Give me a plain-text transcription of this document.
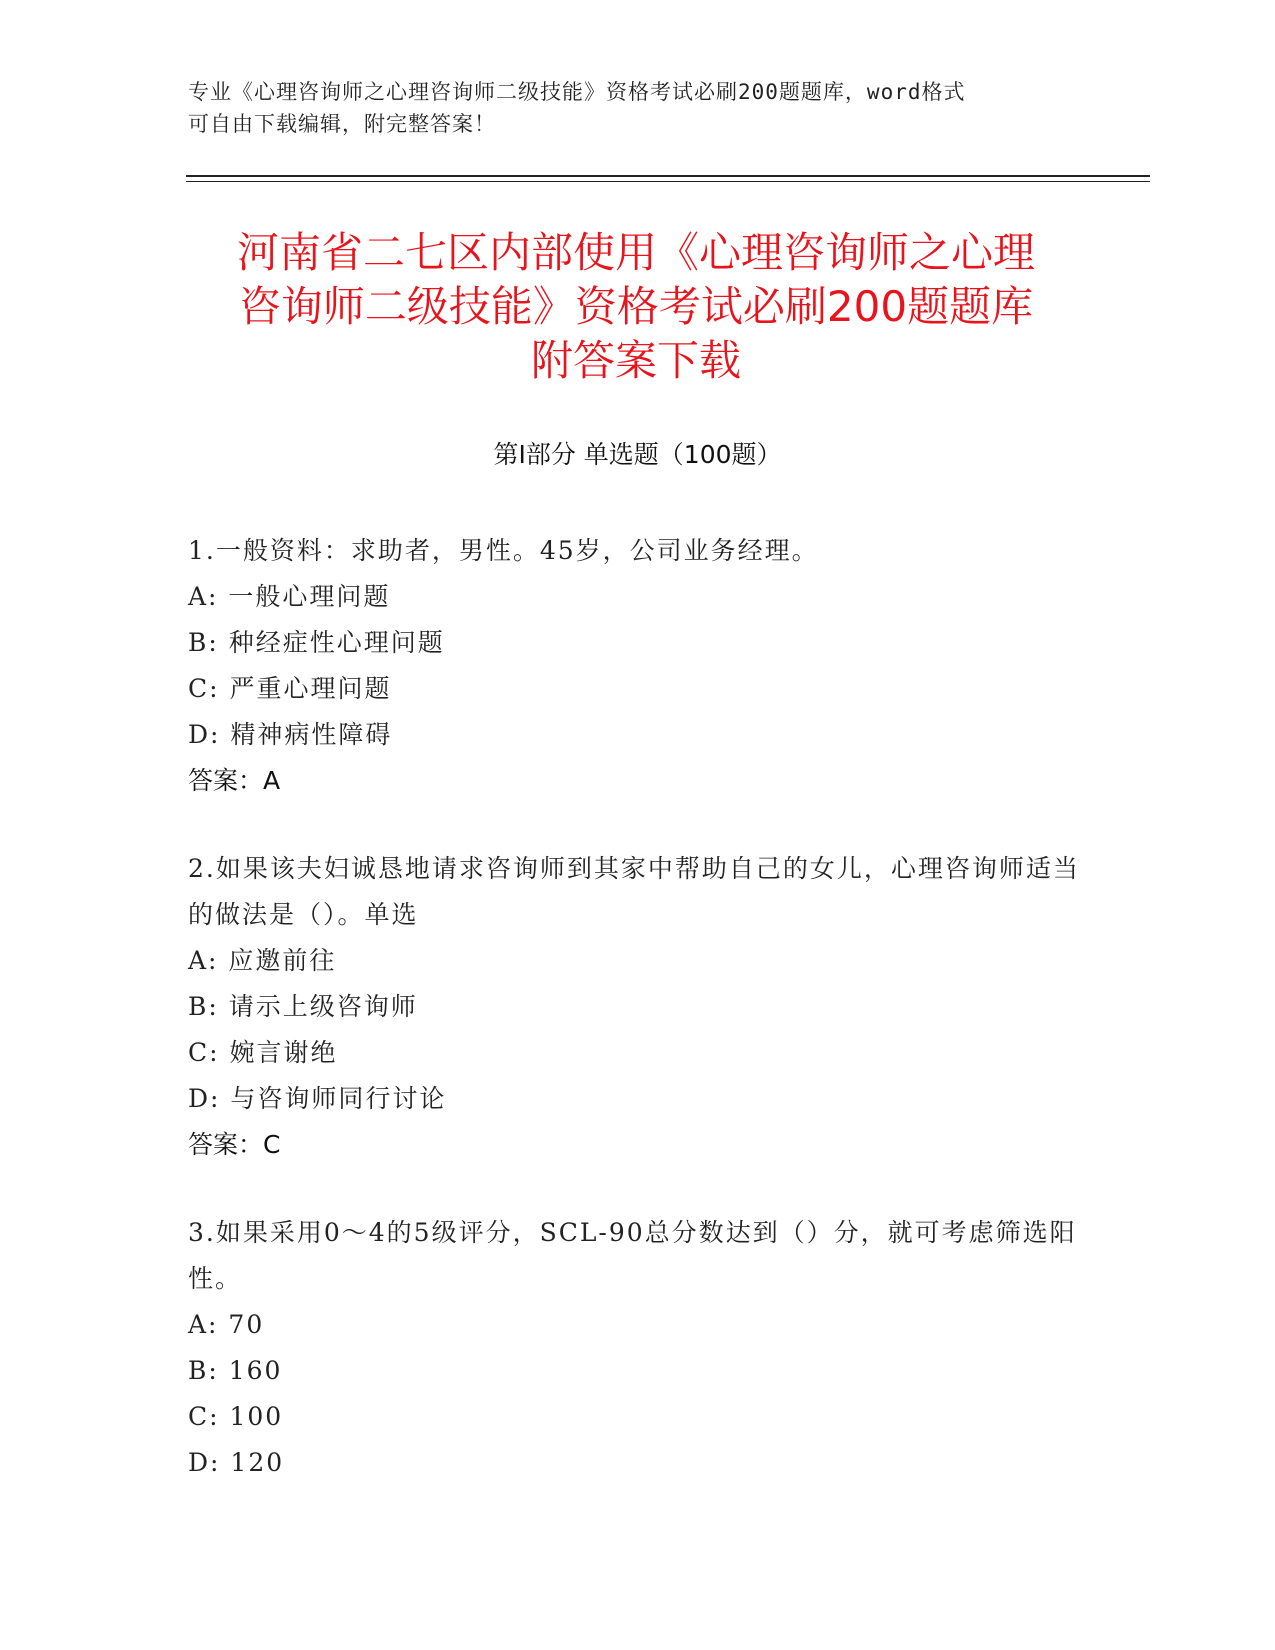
专业《心理咨询师之心理咨询师二级技能》资格考试必刷200题题库，word格式
可自由下载编辑，附完整答案！
河南省二七区内部使用《心理咨询师之心理
咨询师二级技能》资格考试必刷200题题库
附答案下载
第Ⅰ部分 单选题（100题）

1.一般资料：求助者，男性。45岁，公司业务经理。

A: 一般心理问题

B: 种经症性心理问题

C: 严重心理问题

D: 精神病性障碍

答案：A

2.如果该夫妇诚恳地请求咨询师到其家中帮助自己的女儿，心理咨询师适当的做法是（）。单选

A: 应邀前往

B: 请示上级咨询师

C: 婉言谢绝

D: 与咨询师同行讨论

答案：C

3.如果采用0～4的5级评分，SCL-90总分数达到（）分，就可考虑筛选阳性。

A: 70

B: 160

C: 100

D: 120
